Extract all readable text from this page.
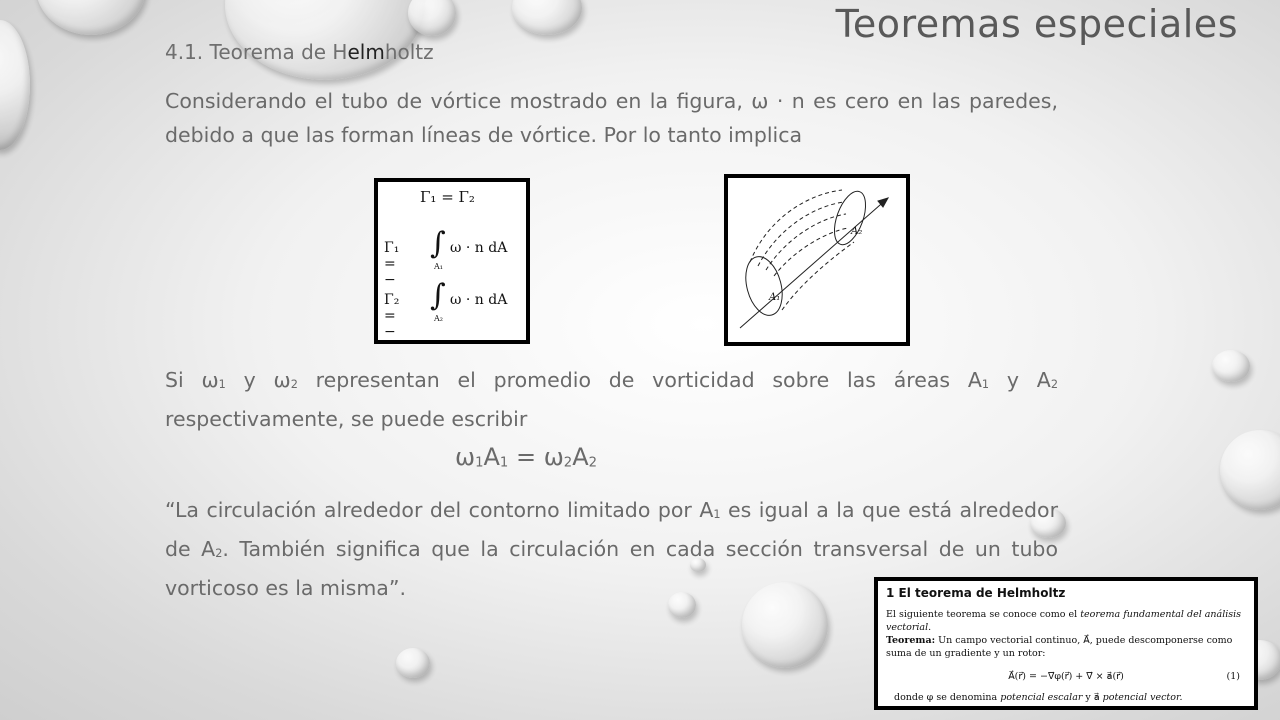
Teoremas especiales
4.1. Teorema de Helmholtz
Considerando el tubo de vórtice mostrado en la figura, ω · n es cero en las paredes, debido a que las forman líneas de vórtice. Por lo tanto implica
Γ₁ = Γ₂
Γ₁ = −
∫
A₁
ω · n dA
Γ₂ = −
∫
A₂
ω · n dA	A₁
A₂
Si $\omega_1$ y $\omega_2$ representan el promedio de vorticidad sobre las áreas $A_1$ y $A_2$ respectivamente, se puede escribir
$\omega_1A_1 = \omega_2A_2$
“La circulación alrededor del contorno limitado por $A_1$ es igual a la que está alrededor de $A_2$. También significa que la circulación en cada sección transversal de un tubo vorticoso es la misma”.	1 El teorema de Helmholtz
El siguiente teorema se conoce como el teorema fundamental del análisis vectorial.
Teorema: Un campo vectorial continuo, A⃗, puede descomponerse como suma de un gradiente y un rotor:
A⃗(r⃗) = −∇⃗φ(r⃗) + ∇⃗ × a⃗(r⃗)	(1)
donde φ se denomina potencial escalar y a⃗ potencial vector.
